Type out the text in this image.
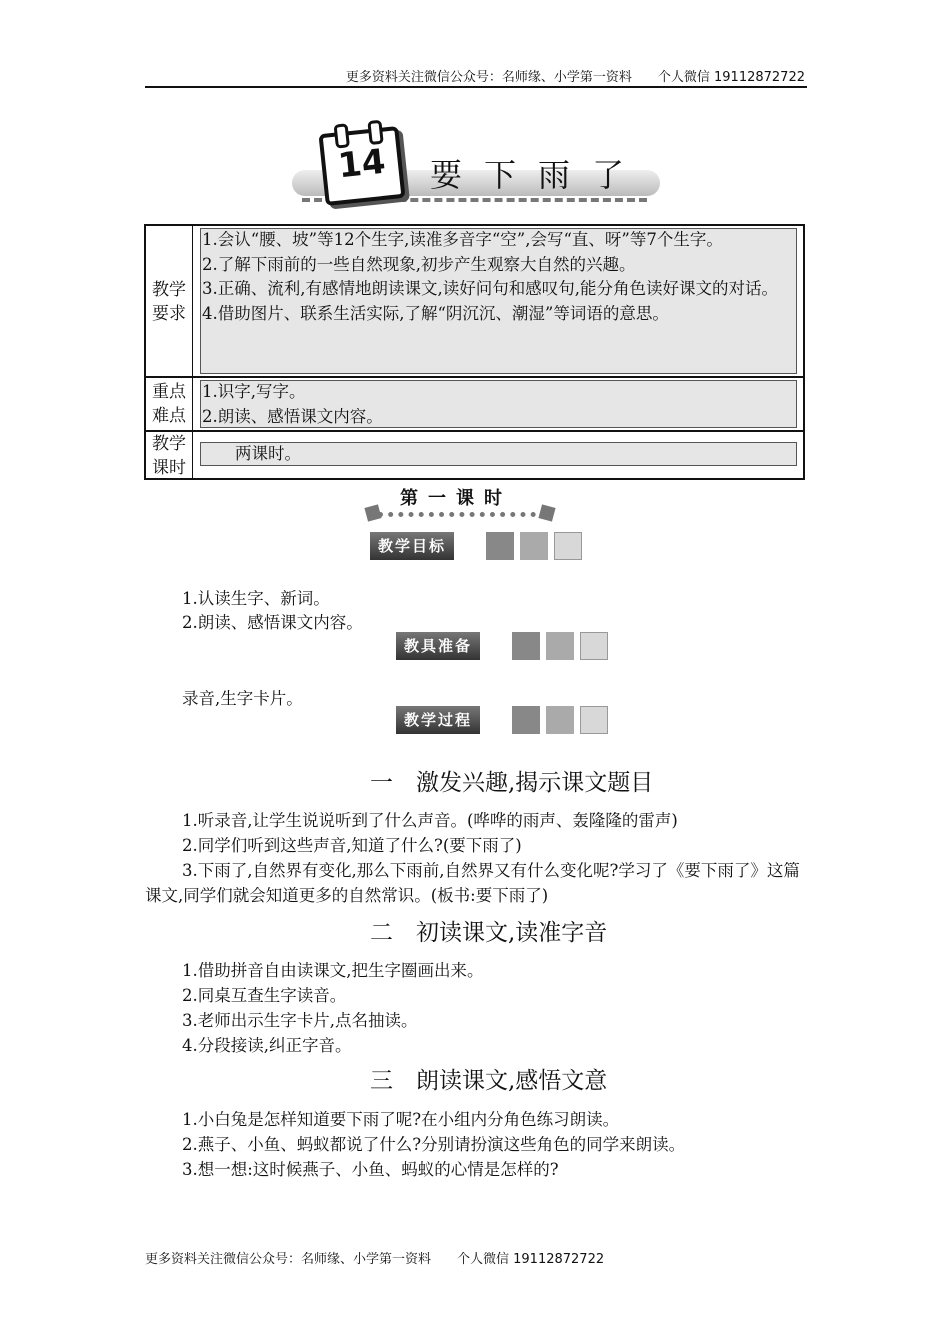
更多资料关注微信公众号：名师缘、小学第一资料　　个人微信 19112872722
14	要下雨了
教学
要求
1.会认“腰、坡”等12个生字,读准多音字“空”,会写“直、呀”等7个生字。
2.了解下雨前的一些自然现象,初步产生观察大自然的兴趣。
3.正确、流利,有感情地朗读课文,读好问句和感叹句,能分角色读好课文的对话。
4.借助图片、联系生活实际,了解“阴沉沉、潮湿”等词语的意思。
重点
难点
1.识字,写字。
2.朗读、感悟课文内容。
教学
课时
　　两课时。
第一课时
教学目标
1.认读生字、新词。
2.朗读、感悟课文内容。
教具准备
录音,生字卡片。
教学过程
一　激发兴趣,揭示课文题目
1.听录音,让学生说说听到了什么声音。(哗哗的雨声、轰隆隆的雷声)
2.同学们听到这些声音,知道了什么?(要下雨了)
3.下雨了,自然界有变化,那么下雨前,自然界又有什么变化呢?学习了《要下雨了》这篇课文,同学们就会知道更多的自然常识。(板书:要下雨了)
二　初读课文,读准字音
1.借助拼音自由读课文,把生字圈画出来。
2.同桌互查生字读音。
3.老师出示生字卡片,点名抽读。
4.分段接读,纠正字音。
三　朗读课文,感悟文意
1.小白兔是怎样知道要下雨了呢?在小组内分角色练习朗读。
2.燕子、小鱼、蚂蚁都说了什么?分别请扮演这些角色的同学来朗读。
3.想一想:这时候燕子、小鱼、蚂蚁的心情是怎样的?
更多资料关注微信公众号：名师缘、小学第一资料　　个人微信 19112872722
